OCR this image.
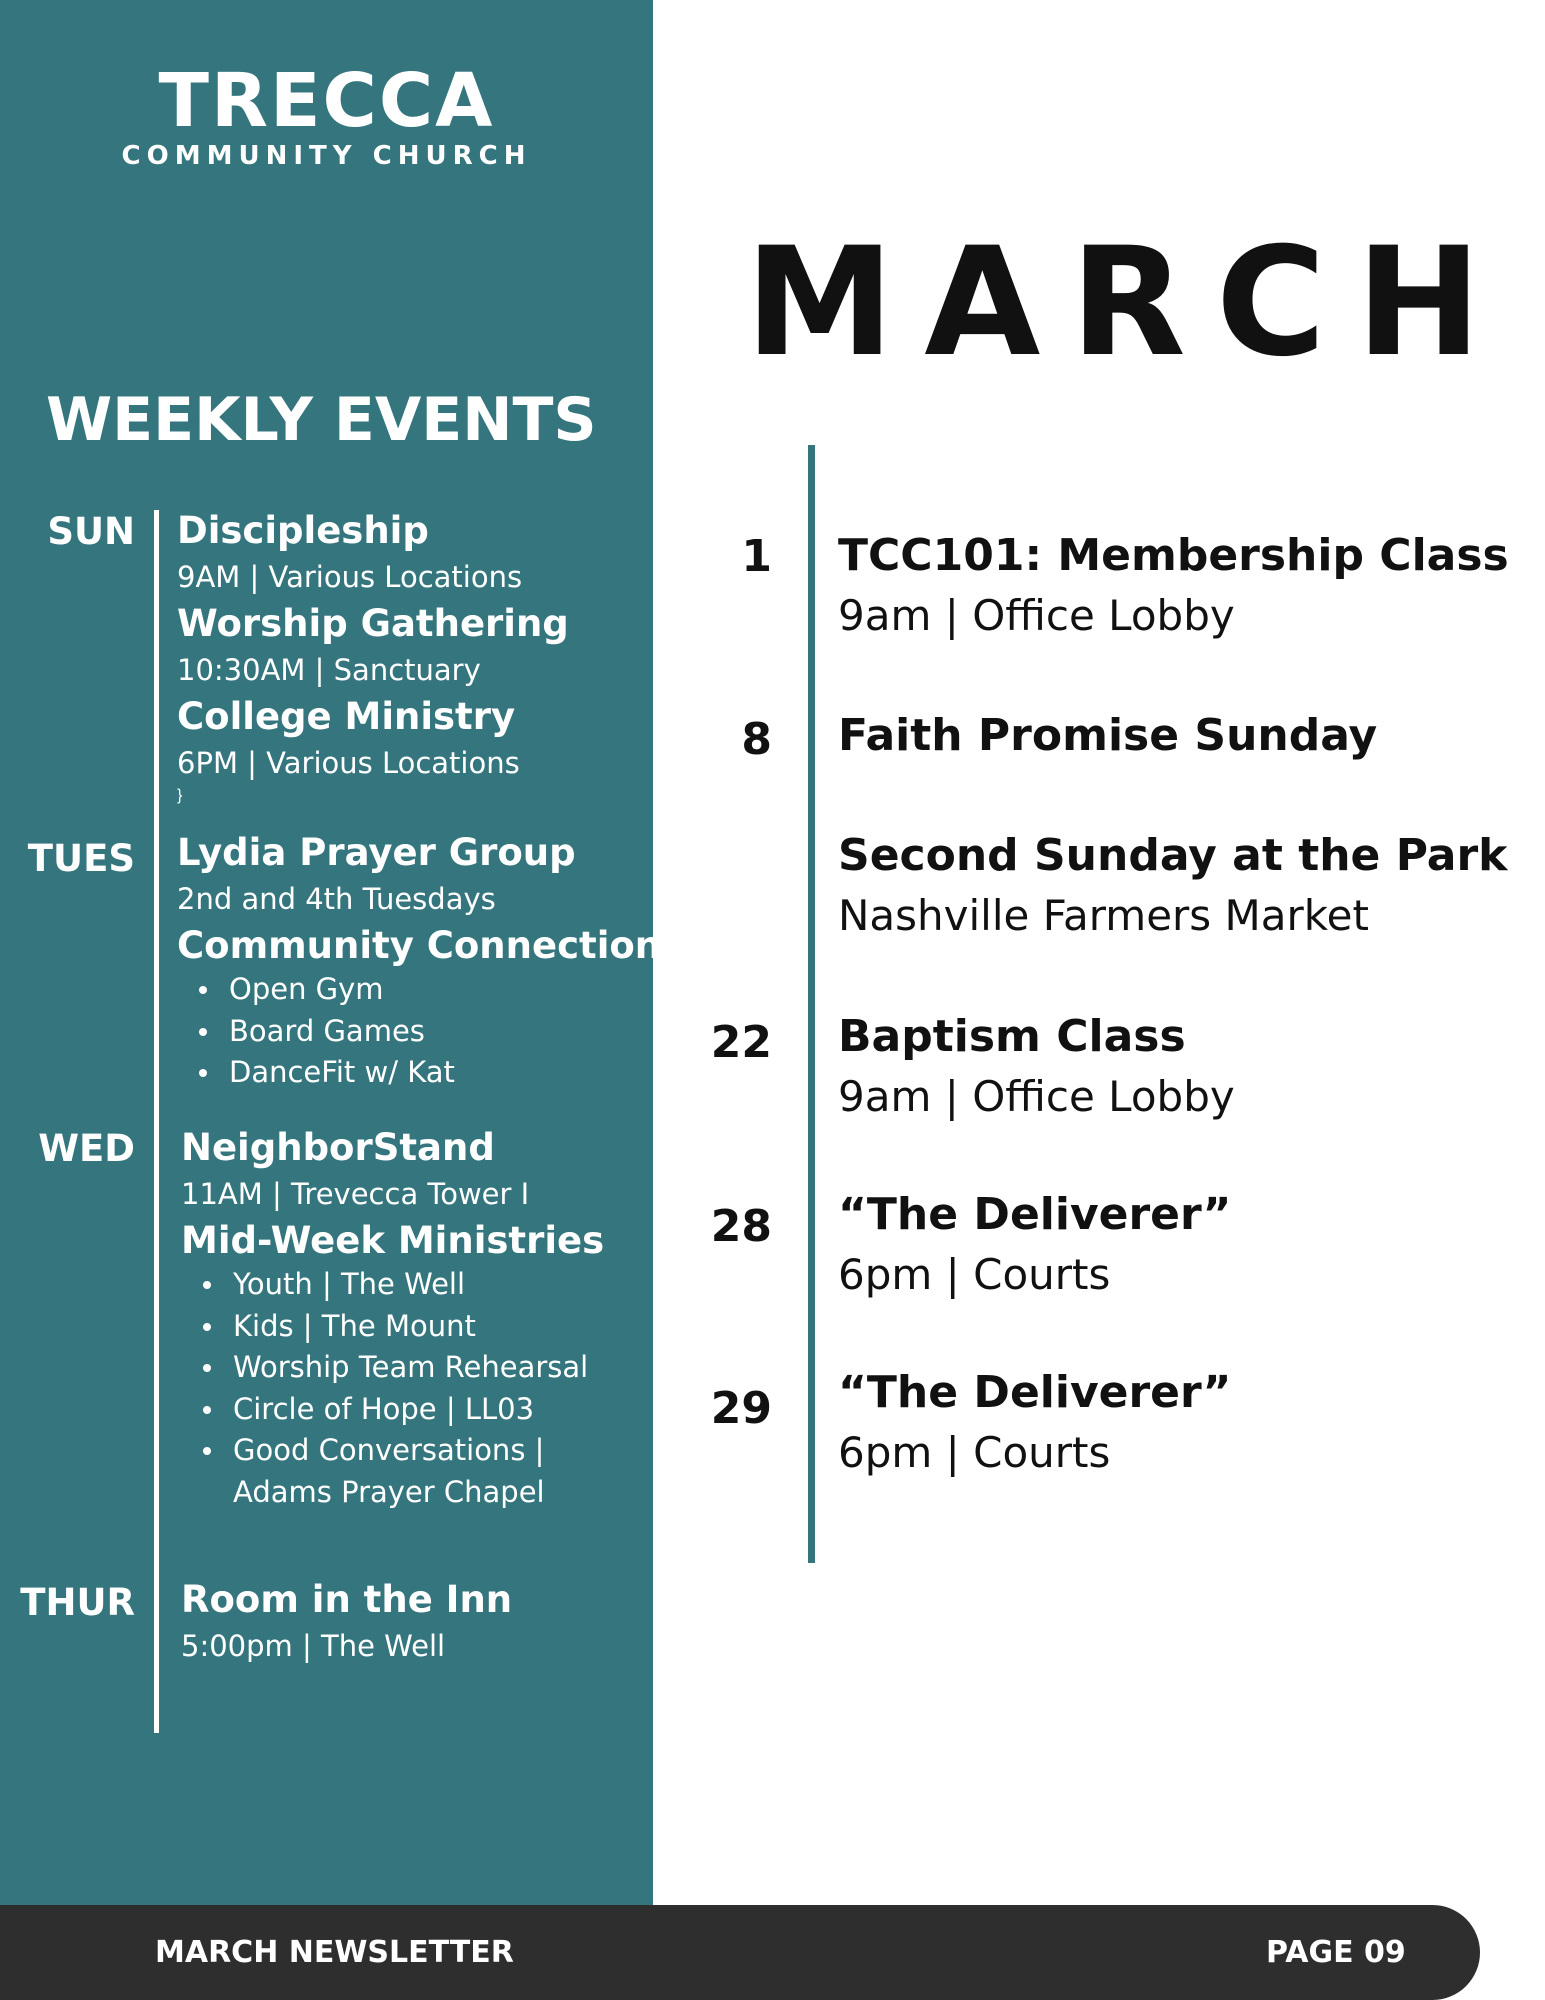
TRECCA
COMMUNITY CHURCH
WEEKLY EVENTS
SUN Discipleship
9AM | Various Locations
Worship Gathering
10:30AM | Sanctuary
College Ministry
6PM | Various Locations
}
TUES Lydia Prayer Group
2nd and 4th Tuesdays
Community Connection
Open Gym
Board Games
DanceFit w/ Kat
WED NeighborStand
11AM | Trevecca Tower I
Mid-Week Ministries
Youth | The Well
Kids | The Mount
Worship Team Rehearsal
Circle of Hope | LL03
Good Conversations |
Adams Prayer Chapel
THUR Room in the Inn
5:00pm | The Well
MARCH
1 TCC101: Membership Class
9am | Office Lobby
8 Faith Promise Sunday
Second Sunday at the Park
Nashville Farmers Market
22 Baptism Class
9am | Office Lobby
28 “The Deliverer”
6pm | Courts
29 “The Deliverer”
6pm | Courts
MARCH NEWSLETTER	PAGE 09
